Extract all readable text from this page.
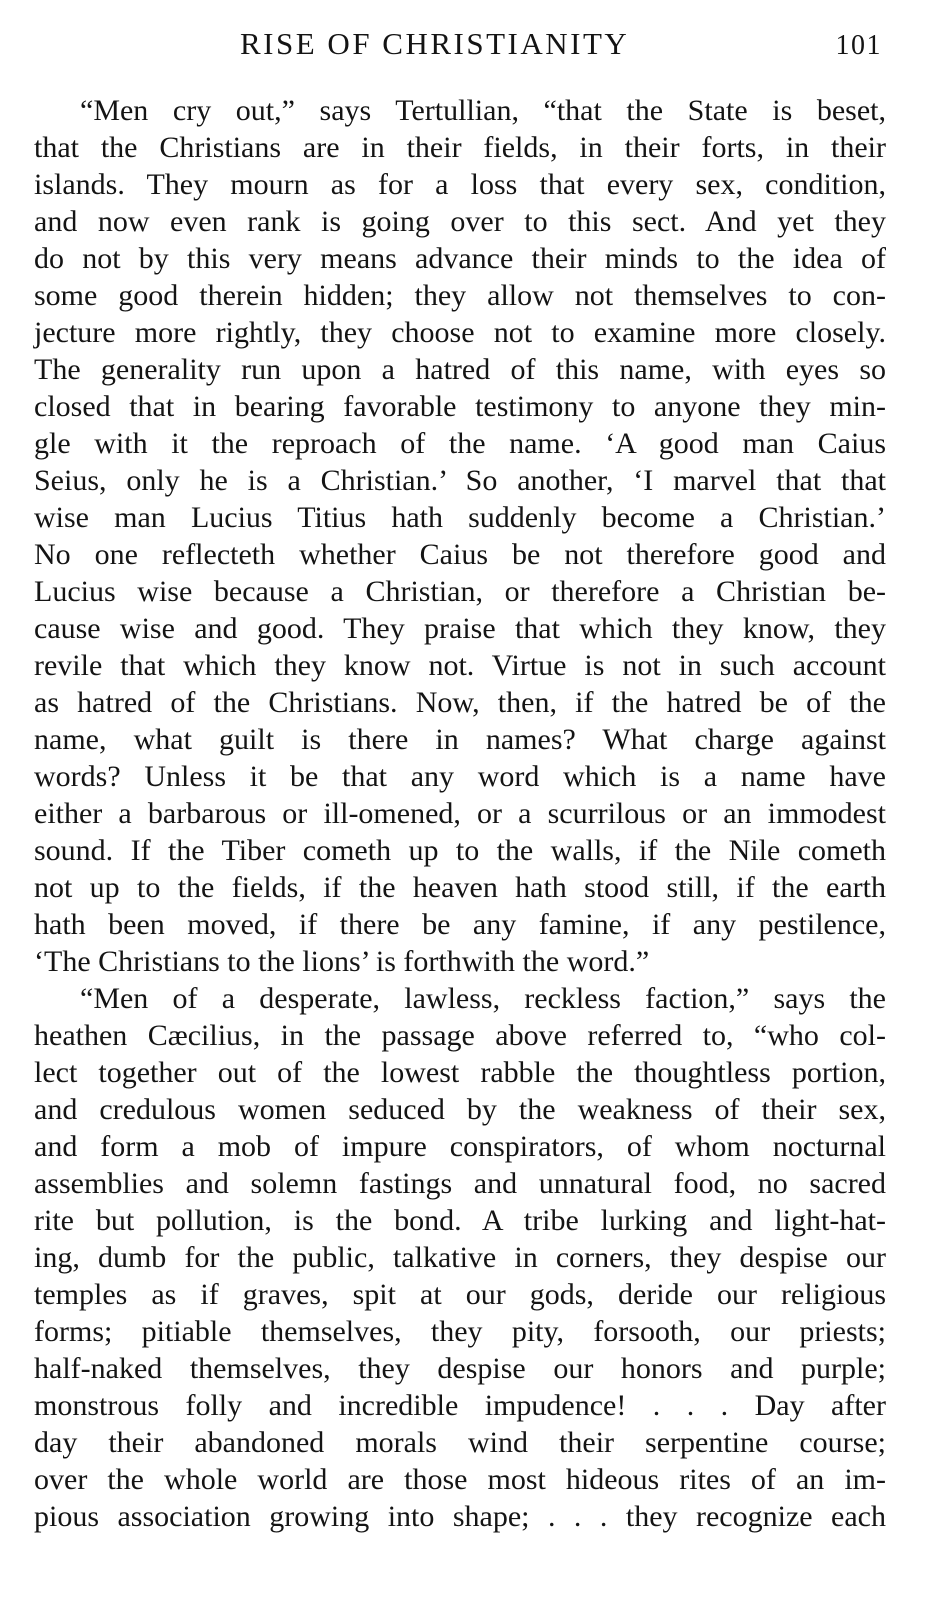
RISE OF CHRISTIANITY	101
“Men cry out,” says Tertullian, “that the State is beset,
that the Christians are in their fields, in their forts, in their
islands. They mourn as for a loss that every sex, condition,
and now even rank is going over to this sect. And yet they
do not by this very means advance their minds to the idea of
some good therein hidden; they allow not themselves to con-
jecture more rightly, they choose not to examine more closely.
The generality run upon a hatred of this name, with eyes so
closed that in bearing favorable testimony to anyone they min-
gle with it the reproach of the name. ‘A good man Caius
Seius, only he is a Christian.’ So another, ‘I marvel that that
wise man Lucius Titius hath suddenly become a Christian.’
No one reflecteth whether Caius be not therefore good and
Lucius wise because a Christian, or therefore a Christian be-
cause wise and good. They praise that which they know, they
revile that which they know not. Virtue is not in such account
as hatred of the Christians. Now, then, if the hatred be of the
name, what guilt is there in names? What charge against
words? Unless it be that any word which is a name have
either a barbarous or ill-omened, or a scurrilous or an immodest
sound. If the Tiber cometh up to the walls, if the Nile cometh
not up to the fields, if the heaven hath stood still, if the earth
hath been moved, if there be any famine, if any pestilence,
‘The Christians to the lions’ is forthwith the word.”
“Men of a desperate, lawless, reckless faction,” says the
heathen Cæcilius, in the passage above referred to, “who col-
lect together out of the lowest rabble the thoughtless portion,
and credulous women seduced by the weakness of their sex,
and form a mob of impure conspirators, of whom nocturnal
assemblies and solemn fastings and unnatural food, no sacred
rite but pollution, is the bond. A tribe lurking and light-hat-
ing, dumb for the public, talkative in corners, they despise our
temples as if graves, spit at our gods, deride our religious
forms; pitiable themselves, they pity, forsooth, our priests;
half-naked themselves, they despise our honors and purple;
monstrous folly and incredible impudence! . . . Day after
day their abandoned morals wind their serpentine course;
over the whole world are those most hideous rites of an im-
pious association growing into shape; . . . they recognize each
